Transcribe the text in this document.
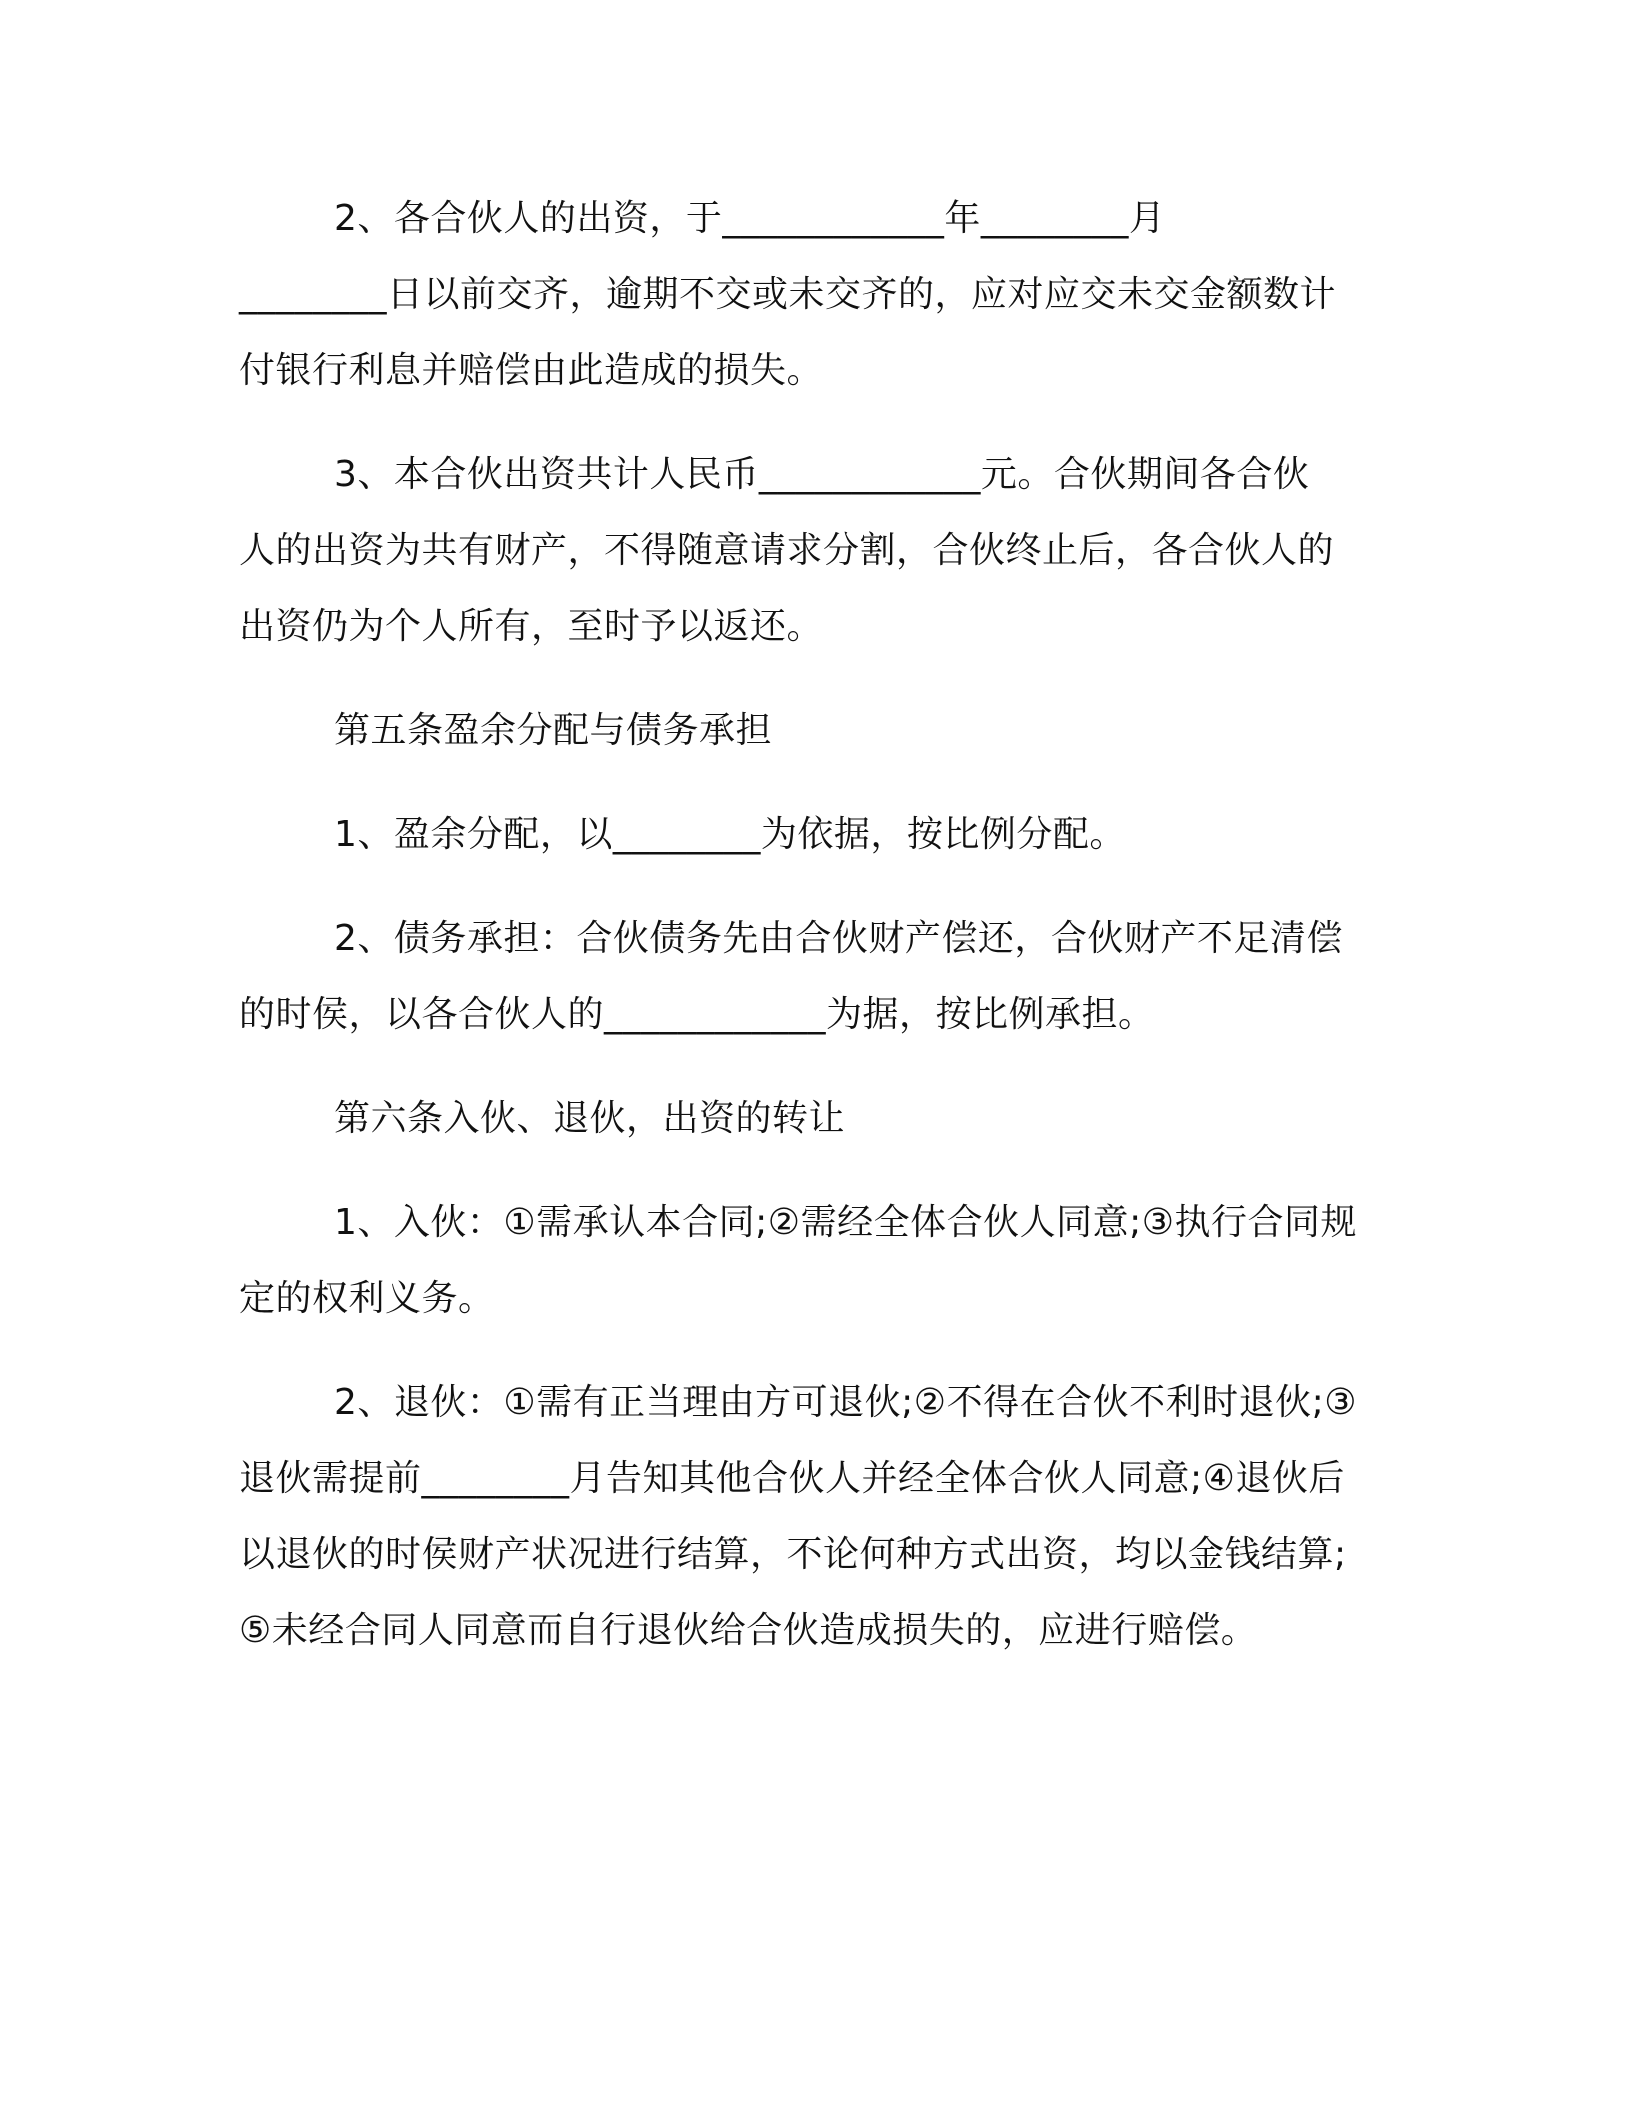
2、各合伙人的出资，于____________年________月
________日以前交齐，逾期不交或未交齐的，应对应交未交金额数计
付银行利息并赔偿由此造成的损失。
3、本合伙出资共计人民币____________元。合伙期间各合伙
人的出资为共有财产，不得随意请求分割，合伙终止后，各合伙人的
出资仍为个人所有，至时予以返还。
第五条盈余分配与债务承担
1、盈余分配，以________为依据，按比例分配。
2、债务承担：合伙债务先由合伙财产偿还，合伙财产不足清偿
的时侯，以各合伙人的____________为据，按比例承担。
第六条入伙、退伙，出资的转让
1、入伙：①需承认本合同;②需经全体合伙人同意;③执行合同规
定的权利义务。
2、退伙：①需有正当理由方可退伙;②不得在合伙不利时退伙;③
退伙需提前________月告知其他合伙人并经全体合伙人同意;④退伙后
以退伙的时侯财产状况进行结算，不论何种方式出资，均以金钱结算;
⑤未经合同人同意而自行退伙给合伙造成损失的，应进行赔偿。
